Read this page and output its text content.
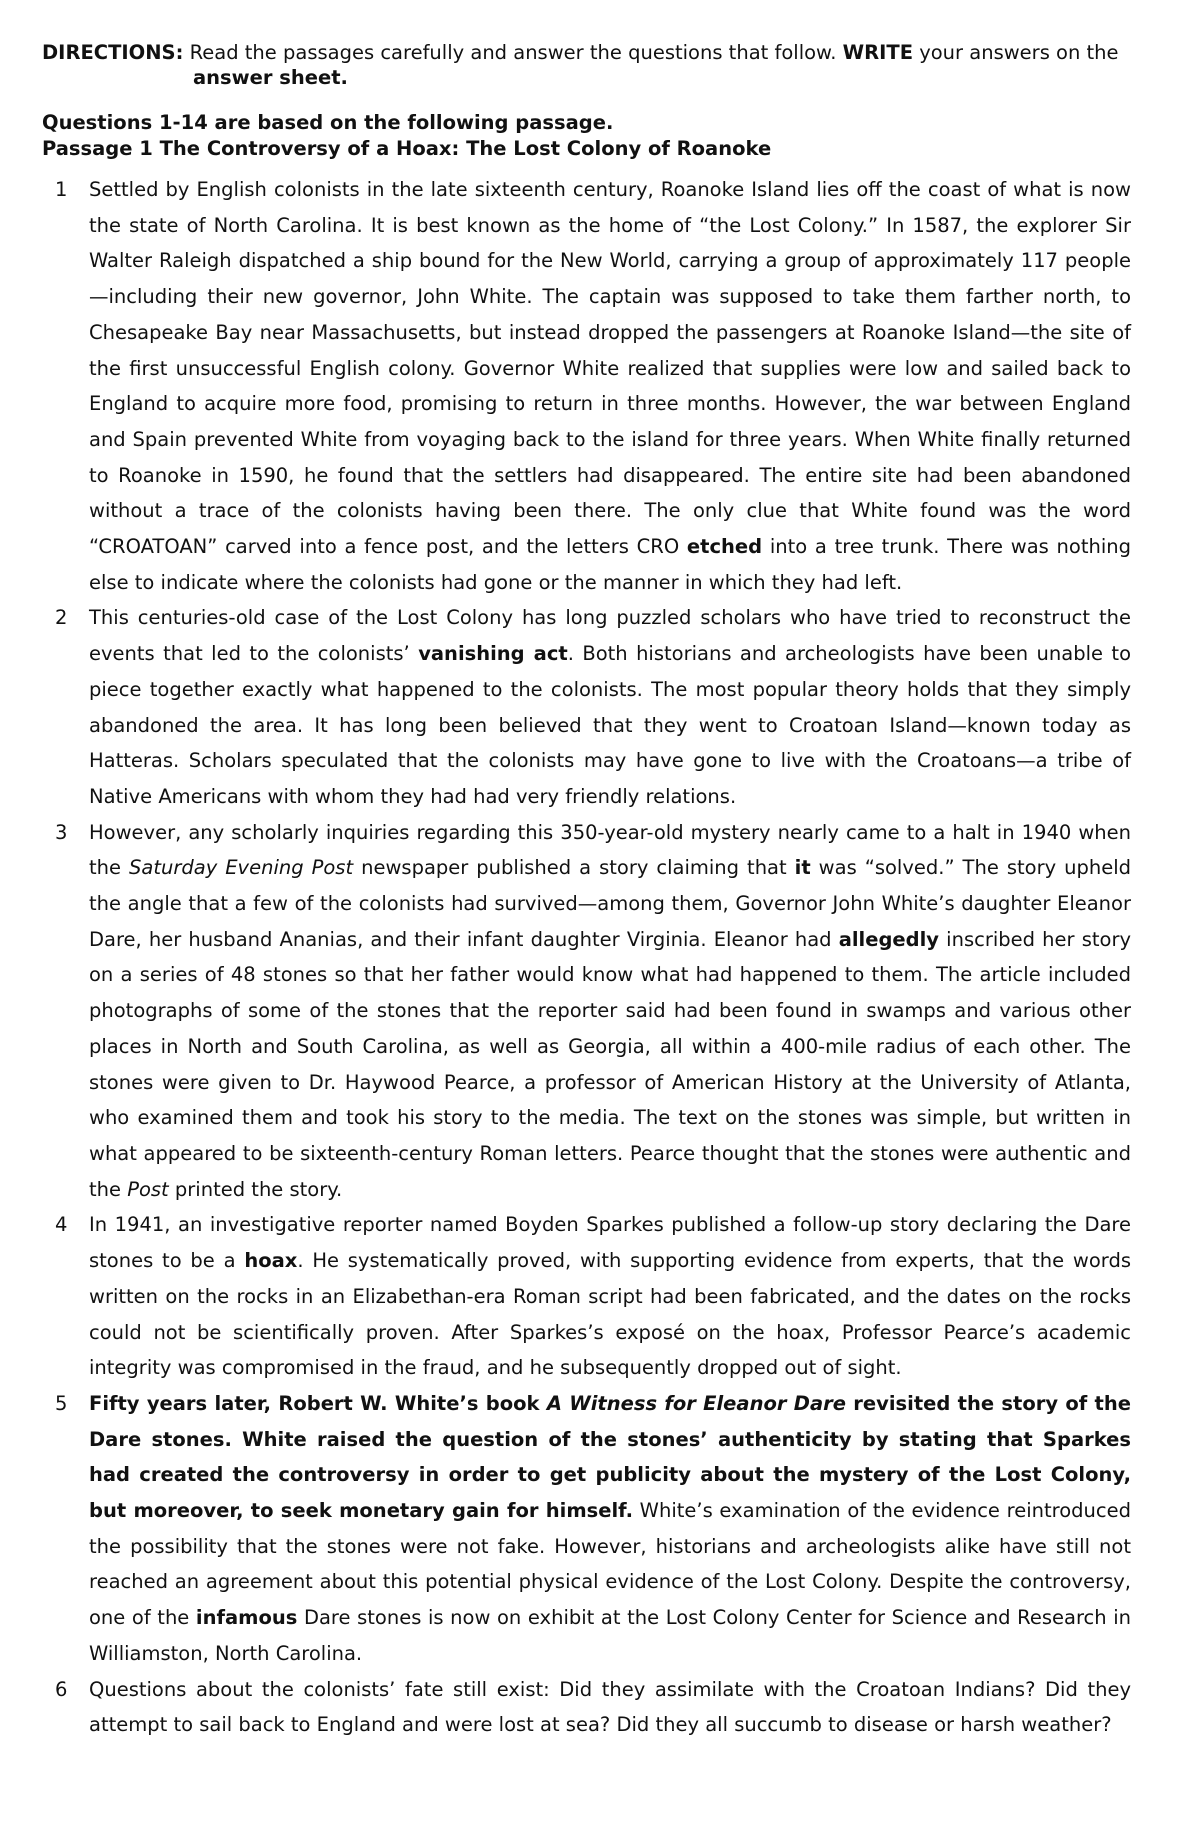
DIRECTIONS: Read the passages carefully and answer the questions that follow. WRITE your answers on the
answer sheet.
Questions 1-14 are based on the following passage.
Passage 1 The Controversy of a Hoax: The Lost Colony of Roanoke
1	Settled by English colonists in the late sixteenth century, Roanoke Island lies off the coast of what is now the state of North Carolina. It is best known as the home of “the Lost Colony.” In 1587, the explorer Sir Walter Raleigh dispatched a ship bound for the New World, carrying a group of approximately 117 people—including their new governor, John White. The captain was supposed to take them farther north, to Chesapeake Bay near Massachusetts, but instead dropped the passengers at Roanoke Island—the site of the first unsuccessful English colony. Governor White realized that supplies were low and sailed back to England to acquire more food, promising to return in three months. However, the war between England and Spain prevented White from voyaging back to the island for three years. When White finally returned to Roanoke in 1590, he found that the settlers had disappeared. The entire site had been abandoned without a trace of the colonists having been there. The only clue that White found was the word “CROATOAN” carved into a fence post, and the letters CRO etched into a tree trunk. There was nothing else to indicate where the colonists had gone or the manner in which they had left.
2	This centuries-old case of the Lost Colony has long puzzled scholars who have tried to reconstruct the events that led to the colonists’ vanishing act. Both historians and archeologists have been unable to piece together exactly what happened to the colonists. The most popular theory holds that they simply abandoned the area. It has long been believed that they went to Croatoan Island—known today as Hatteras. Scholars speculated that the colonists may have gone to live with the Croatoans—a tribe of Native Americans with whom they had had very friendly relations.
3	However, any scholarly inquiries regarding this 350-year-old mystery nearly came to a halt in 1940 when the Saturday Evening Post newspaper published a story claiming that it was “solved.” The story upheld the angle that a few of the colonists had survived—among them, Governor John White’s daughter Eleanor Dare, her husband Ananias, and their infant daughter Virginia. Eleanor had allegedly inscribed her story on a series of 48 stones so that her father would know what had happened to them. The article included photographs of some of the stones that the reporter said had been found in swamps and various other places in North and South Carolina, as well as Georgia, all within a 400-mile radius of each other. The stones were given to Dr. Haywood Pearce, a professor of American History at the University of Atlanta, who examined them and took his story to the media. The text on the stones was simple, but written in what appeared to be sixteenth-century Roman letters. Pearce thought that the stones were authentic and the Post printed the story.
4	In 1941, an investigative reporter named Boyden Sparkes published a follow-up story declaring the Dare stones to be a hoax. He systematically proved, with supporting evidence from experts, that the words written on the rocks in an Elizabethan-era Roman script had been fabricated, and the dates on the rocks could not be scientifically proven. After Sparkes’s exposé on the hoax, Professor Pearce’s academic integrity was compromised in the fraud, and he subsequently dropped out of sight.
5	Fifty years later, Robert W. White’s book A Witness for Eleanor Dare revisited the story of the Dare stones. White raised the question of the stones’ authenticity by stating that Sparkes had created the controversy in order to get publicity about the mystery of the Lost Colony, but moreover, to seek monetary gain for himself. White’s examination of the evidence reintroduced the possibility that the stones were not fake. However, historians and archeologists alike have still not reached an agreement about this potential physical evidence of the Lost Colony. Despite the controversy, one of the infamous Dare stones is now on exhibit at the Lost Colony Center for Science and Research in Williamston, North Carolina.
6	Questions about the colonists’ fate still exist: Did they assimilate with the Croatoan Indians? Did they attempt to sail back to England and were lost at sea? Did they all succumb to disease or harsh weather?
